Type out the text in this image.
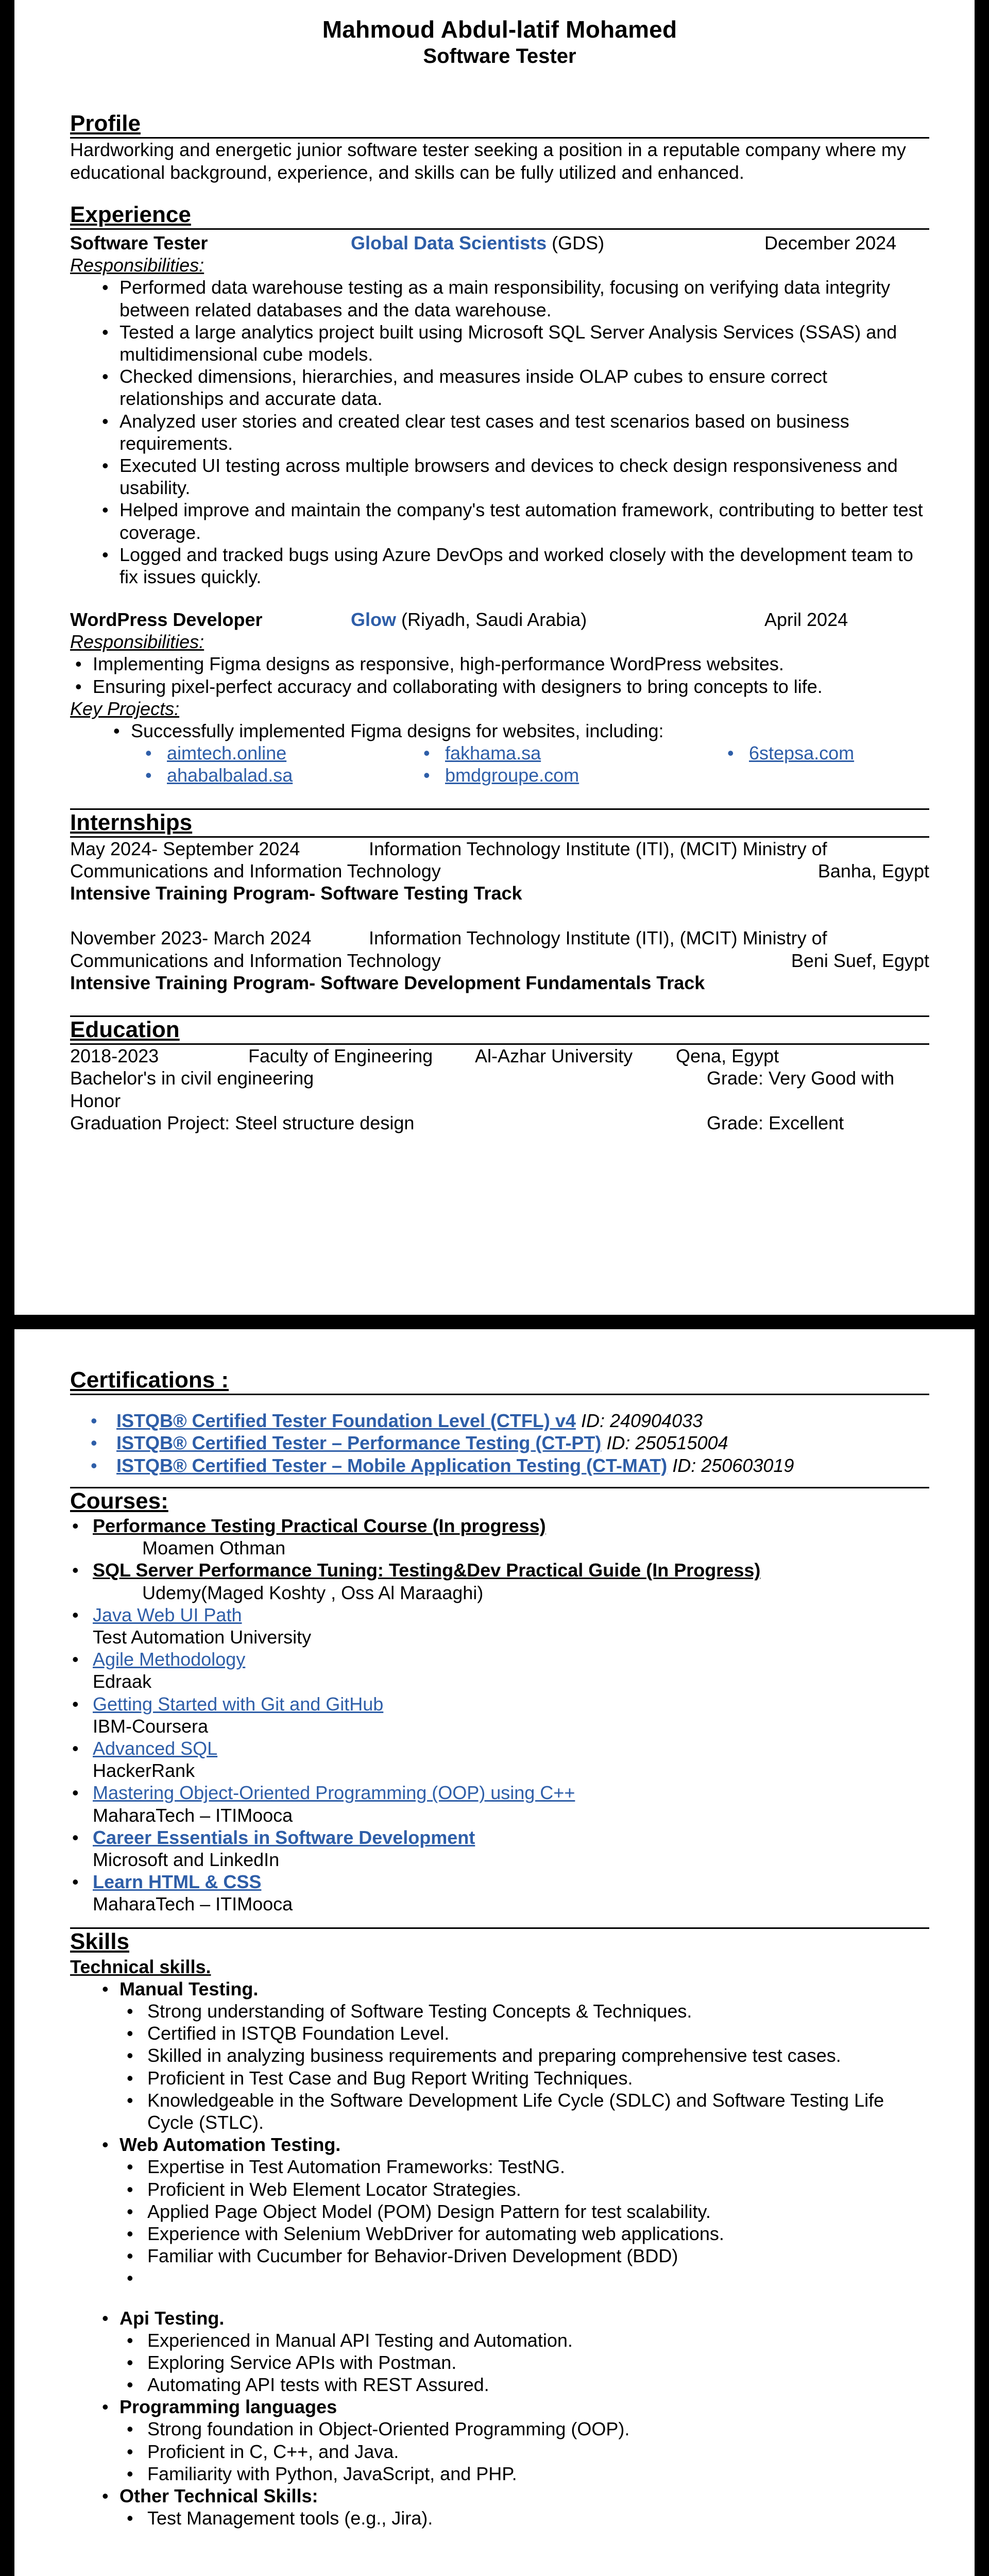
Mahmoud Abdul-latif Mohamed
Software Tester
Profile
Hardworking and energetic junior software tester seeking a position in a reputable company where my educational background, experience, and skills can be fully utilized and enhanced.
Experience
Software Tester	Global Data Scientists (GDS)	December 2024
Responsibilities:
• Performed data warehouse testing as a main responsibility, focusing on verifying data integrity between related databases and the data warehouse.
• Tested a large analytics project built using Microsoft SQL Server Analysis Services (SSAS) and multidimensional cube models.
• Checked dimensions, hierarchies, and measures inside OLAP cubes to ensure correct relationships and accurate data.
• Analyzed user stories and created clear test cases and test scenarios based on business requirements.
• Executed UI testing across multiple browsers and devices to check design responsiveness and usability.
• Helped improve and maintain the company's test automation framework, contributing to better test coverage.
• Logged and tracked bugs using Azure DevOps and worked closely with the development team to fix issues quickly.
WordPress Developer	Glow (Riyadh, Saudi Arabia)	April 2024
Responsibilities:
• Implementing Figma designs as responsive, high-performance WordPress websites.
• Ensuring pixel-perfect accuracy and collaborating with designers to bring concepts to life.
Key Projects:
• Successfully implemented Figma designs for websites, including:
• aimtech.online	• fakhama.sa	• 6stepsa.com
• ahabalbalad.sa	• bmdgroupe.com
Internships
May 2024- September 2024	Information Technology Institute (ITI), (MCIT) Ministry of
Communications and Information Technology	Banha, Egypt
Intensive Training Program- Software Testing Track
November 2023- March 2024	Information Technology Institute (ITI), (MCIT) Ministry of
Communications and Information Technology	Beni Suef, Egypt
Intensive Training Program- Software Development Fundamentals Track
Education
2018-2023	Faculty of Engineering	Al-Azhar University	Qena, Egypt
Bachelor's in civil engineering	Grade: Very Good with
Honor
Graduation Project: Steel structure design	Grade: Excellent
Certifications :
• ISTQB® Certified Tester Foundation Level (CTFL) v4 ID: 240904033
• ISTQB® Certified Tester – Performance Testing (CT-PT) ID: 250515004
• ISTQB® Certified Tester – Mobile Application Testing (CT-MAT) ID: 250603019
Courses:
• Performance Testing Practical Course (In progress)
Moamen Othman
• SQL Server Performance Tuning: Testing&Dev Practical Guide (In Progress)
Udemy(Maged Koshty , Oss Al Maraaghi)
• Java Web UI Path
Test Automation University
• Agile Methodology
Edraak
• Getting Started with Git and GitHub
IBM-Coursera
• Advanced SQL
HackerRank
• Mastering Object-Oriented Programming (OOP) using C++
MaharaTech – ITIMooca
• Career Essentials in Software Development
Microsoft and LinkedIn
• Learn HTML & CSS
MaharaTech – ITIMooca
Skills
Technical skills.
• Manual Testing.
• Strong understanding of Software Testing Concepts & Techniques.
• Certified in ISTQB Foundation Level.
• Skilled in analyzing business requirements and preparing comprehensive test cases.
• Proficient in Test Case and Bug Report Writing Techniques.
• Knowledgeable in the Software Development Life Cycle (SDLC) and Software Testing Life Cycle (STLC).
• Web Automation Testing.
• Expertise in Test Automation Frameworks: TestNG.
• Proficient in Web Element Locator Strategies.
• Applied Page Object Model (POM) Design Pattern for test scalability.
• Experience with Selenium WebDriver for automating web applications.
• Familiar with Cucumber for Behavior-Driven Development (BDD)
•
• Api Testing.
• Experienced in Manual API Testing and Automation.
• Exploring Service APIs with Postman.
• Automating API tests with REST Assured.
• Programming languages
• Strong foundation in Object-Oriented Programming (OOP).
• Proficient in C, C++, and Java.
• Familiarity with Python, JavaScript, and PHP.
• Other Technical Skills:
• Test Management tools (e.g., Jira).
